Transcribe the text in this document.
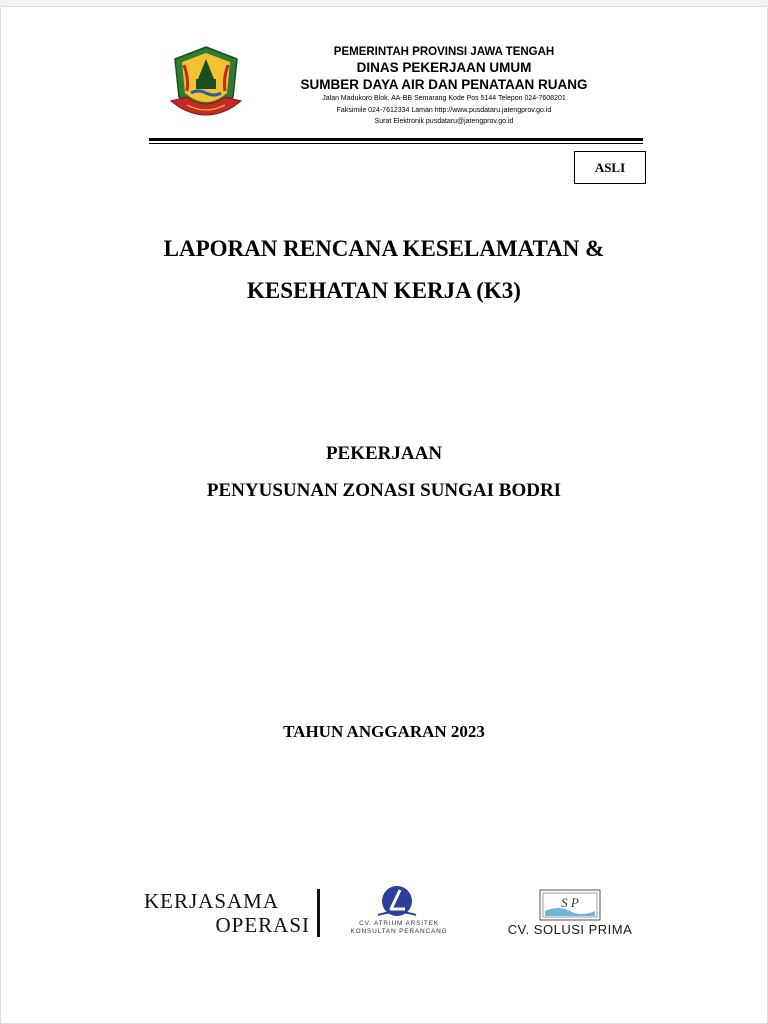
PEMERINTAH PROVINSI JAWA TENGAH
DINAS PEKERJAAN UMUM
SUMBER DAYA AIR DAN PENATAAN RUANG
Jalan Madukoro Blok. AA-BB Semarang Kode Pos 5144 Telepon 024-7608201
Faksimile 024-7612334 Laman http://www.pusdataru.jatengprov.go.id
Surat Elektronik pusdataru@jatengprov.go.id
ASLI
LAPORAN RENCANA KESELAMATAN &
KESEHATAN KERJA (K3)
PEKERJAAN
PENYUSUNAN ZONASI SUNGAI BODRI
TAHUN ANGGARAN 2023
KERJASAMA
OPERASI	CV. ATRIUM ARSITEK
KONSULTAN PERANCANG
S P
CV. SOLUSI PRIMA
